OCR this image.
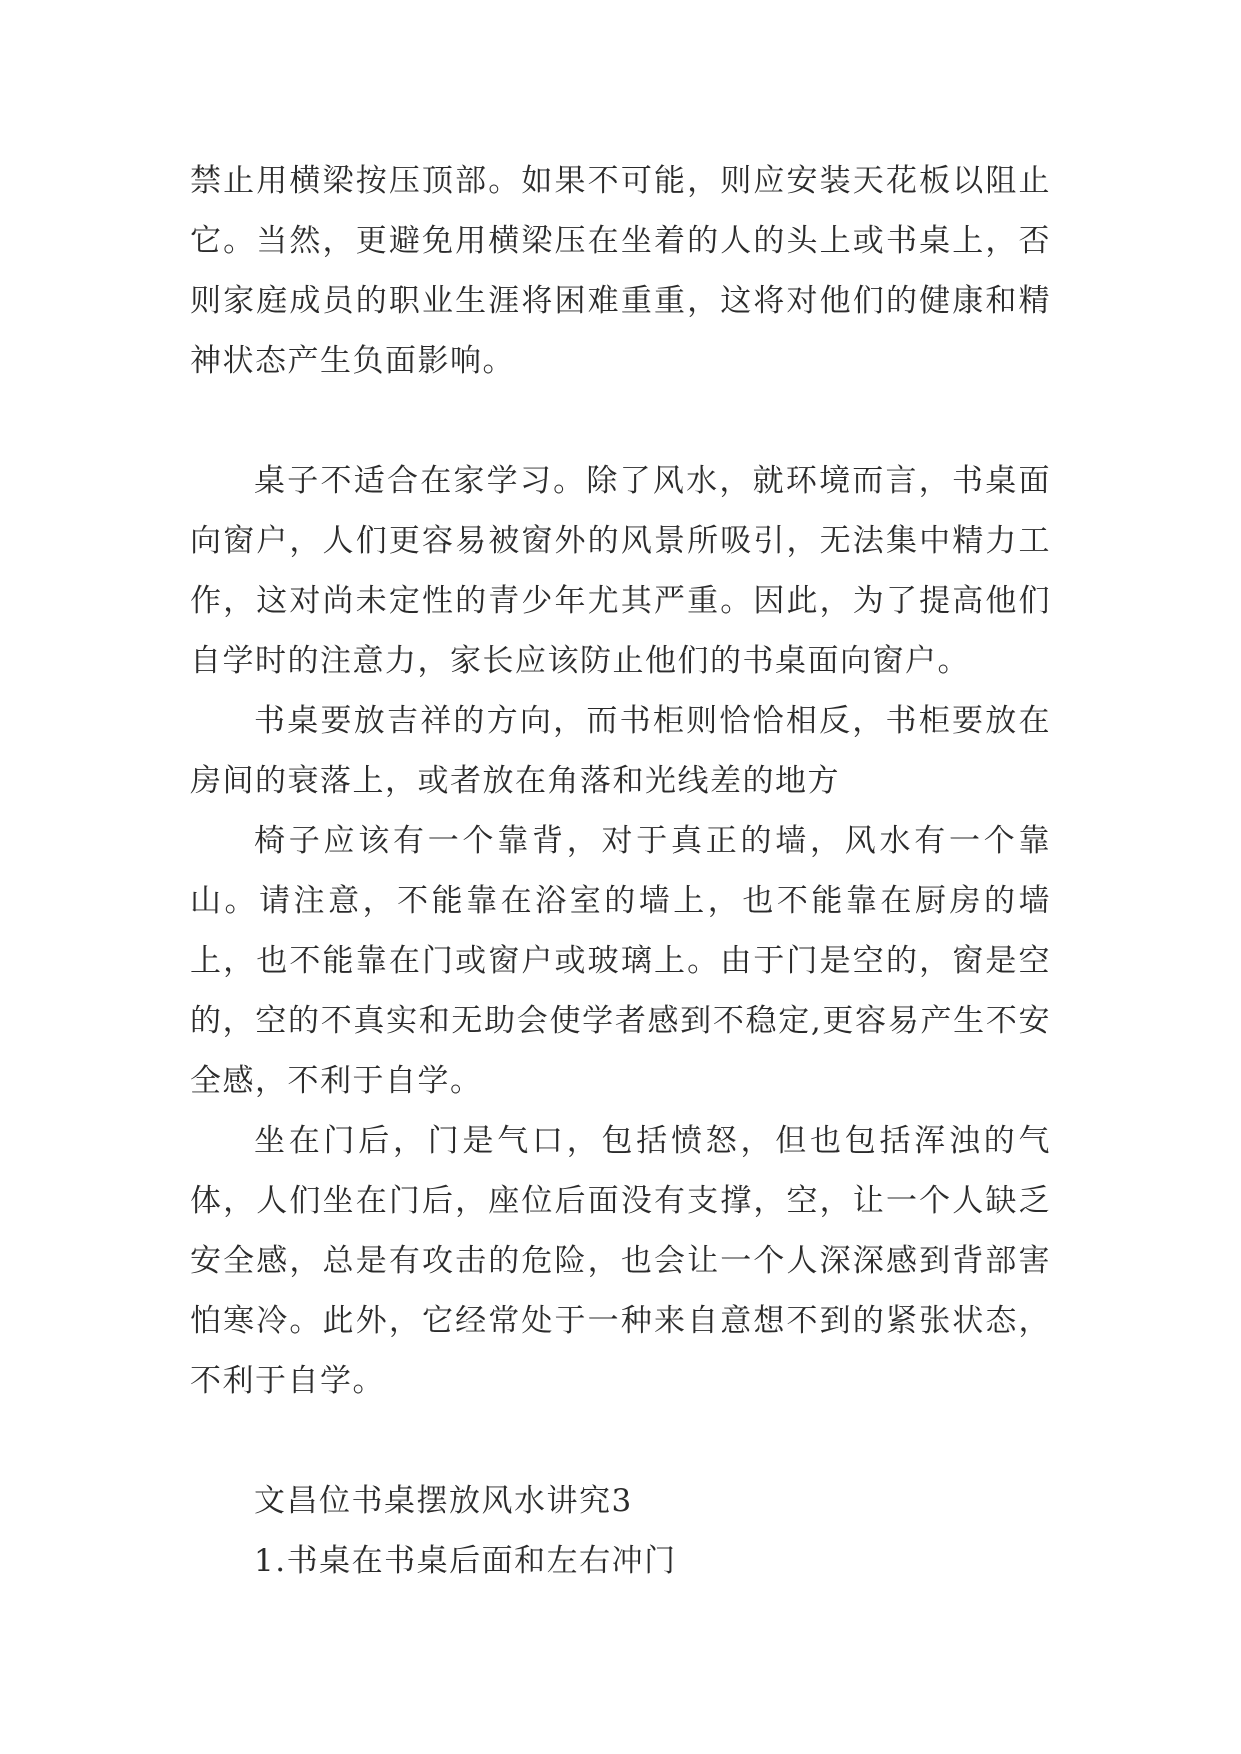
禁止用横梁按压顶部。如果不可能，则应安装天花板以阻止它。当然，更避免用横梁压在坐着的人的头上或书桌上，否则家庭成员的职业生涯将困难重重，这将对他们的健康和精神状态产生负面影响。

桌子不适合在家学习。除了风水，就环境而言，书桌面向窗户，人们更容易被窗外的风景所吸引，无法集中精力工作，这对尚未定性的青少年尤其严重。因此，为了提高他们自学时的注意力，家长应该防止他们的书桌面向窗户。

书桌要放吉祥的方向，而书柜则恰恰相反，书柜要放在房间的衰落上，或者放在角落和光线差的地方

椅子应该有一个靠背，对于真正的墙，风水有一个靠山。请注意，不能靠在浴室的墙上，也不能靠在厨房的墙上，也不能靠在门或窗户或玻璃上。由于门是空的，窗是空的，空的不真实和无助会使学者感到不稳定,更容易产生不安全感，不利于自学。

坐在门后，门是气口，包括愤怒，但也包括浑浊的气体，人们坐在门后，座位后面没有支撑，空，让一个人缺乏安全感，总是有攻击的危险，也会让一个人深深感到背部害怕寒冷。此外，它经常处于一种来自意想不到的紧张状态，不利于自学。

文昌位书桌摆放风水讲究3

1.书桌在书桌后面和左右冲门
